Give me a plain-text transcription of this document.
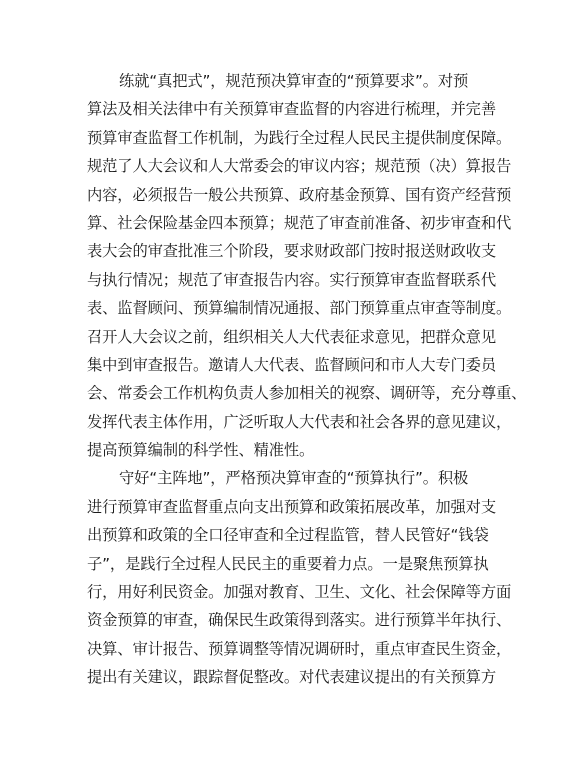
练就“真把式”，规范预决算审查的“预算要求”。对预
算法及相关法律中有关预算审查监督的内容进行梳理，并完善
预算审查监督工作机制，为践行全过程人民民主提供制度保障。
规范了人大会议和人大常委会的审议内容；规范预（决）算报告
内容，必须报告一般公共预算、政府基金预算、国有资产经营预
算、社会保险基金四本预算；规范了审查前准备、初步审查和代
表大会的审查批准三个阶段，要求财政部门按时报送财政收支
与执行情况；规范了审查报告内容。实行预算审查监督联系代
表、监督顾问、预算编制情况通报、部门预算重点审查等制度。
召开人大会议之前，组织相关人大代表征求意见，把群众意见
集中到审查报告。邀请人大代表、监督顾问和市人大专门委员
会、常委会工作机构负责人参加相关的视察、调研等，充分尊重、
发挥代表主体作用，广泛听取人大代表和社会各界的意见建议，
提高预算编制的科学性、精准性。

守好“主阵地”，严格预决算审查的“预算执行”。积极
进行预算审查监督重点向支出预算和政策拓展改革，加强对支
出预算和政策的全口径审查和全过程监管，替人民管好“钱袋
子”，是践行全过程人民民主的重要着力点。一是聚焦预算执
行，用好利民资金。加强对教育、卫生、文化、社会保障等方面
资金预算的审查，确保民生政策得到落实。进行预算半年执行、
决算、审计报告、预算调整等情况调研时，重点审查民生资金，
提出有关建议，跟踪督促整改。对代表建议提出的有关预算方
